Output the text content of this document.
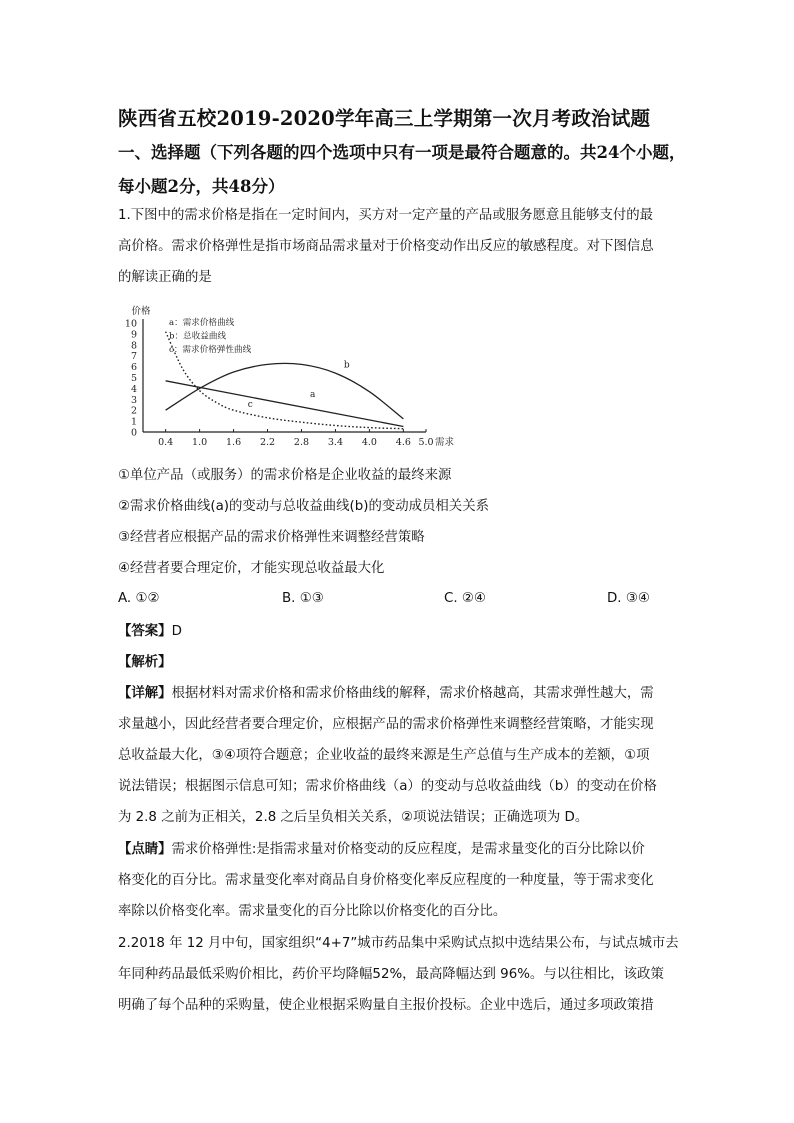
陕西省五校2019-2020学年高三上学期第一次月考政治试题
一、选择题（下列各题的四个选项中只有一项是最符合题意的。共24个小题，
每小题2分，共48分）
1.下图中的需求价格是指在一定时间内，买方对一定产量的产品或服务愿意且能够支付的最
高价格。需求价格弹性是指市场商品需求量对于价格变动作出反应的敏感程度。对下图信息
的解读正确的是
价格
0
1
2
3
4
5
6
7
8
9
10
0.4 1.0 1.6 2.2 2.8 3.4 4.0 4.6 5.0 需求
a：需求价格曲线
b：总收益曲线
c：需求价格弹性曲线
b
a
c
①单位产品（或服务）的需求价格是企业收益的最终来源
②需求价格曲线(a)的变动与总收益曲线(b)的变动成员相关关系
③经营者应根据产品的需求价格弹性来调整经营策略
④经营者要合理定价，才能实现总收益最大化
A. ①②	B. ①③	C. ②④	D. ③④
【答案】D
【解析】
【详解】根据材料对需求价格和需求价格曲线的解释，需求价格越高，其需求弹性越大，需
求量越小，因此经营者要合理定价，应根据产品的需求价格弹性来调整经营策略，才能实现
总收益最大化，③④项符合题意；企业收益的最终来源是生产总值与生产成本的差额，①项
说法错误；根据图示信息可知；需求价格曲线（a）的变动与总收益曲线（b）的变动在价格
为 2.8 之前为正相关，2.8 之后呈负相关关系，②项说法错误；正确选项为 D。
【点睛】需求价格弹性:是指需求量对价格变动的反应程度，是需求量变化的百分比除以价
格变化的百分比。需求量变化率对商品自身价格变化率反应程度的一种度量，等于需求变化
率除以价格变化率。需求量变化的百分比除以价格变化的百分比。
2.2018 年 12 月中旬，国家组织“4+7”城市药品集中采购试点拟中选结果公布，与试点城市去
年同种药品最低采购价相比，药价平均降幅52%，最高降幅达到 96%。与以往相比，该政策
明确了每个品种的采购量，使企业根据采购量自主报价投标。企业中选后，通过多项政策措
